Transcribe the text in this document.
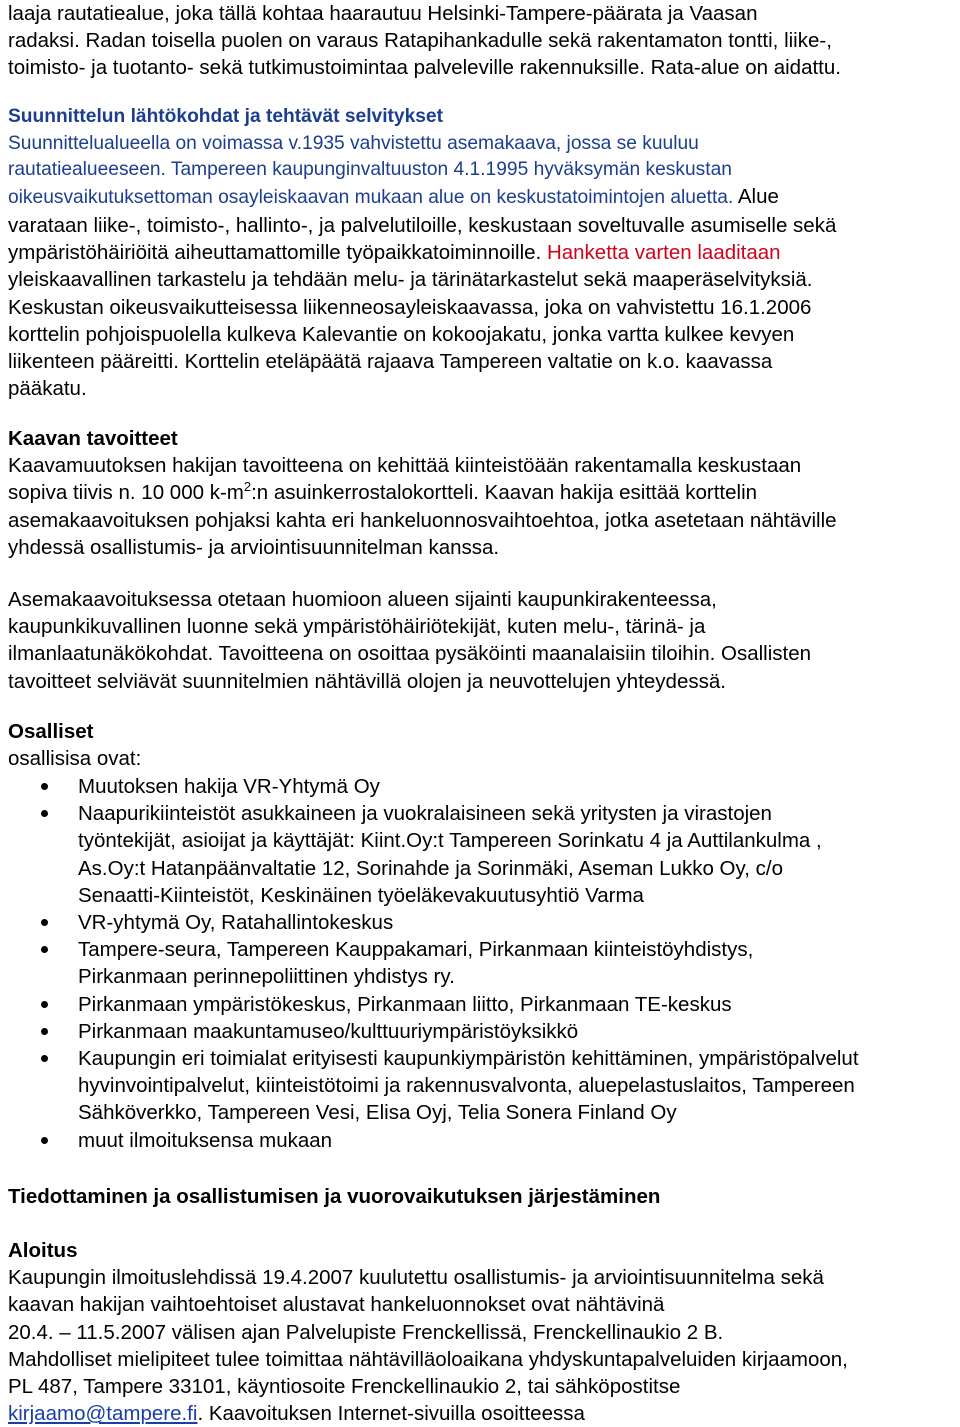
laaja rautatiealue, joka tällä kohtaa haarautuu Helsinki-Tampere-päärata ja Vaasan
radaksi. Radan toisella puolen on varaus Ratapihankadulle sekä rakentamaton tontti, liike-,
toimisto- ja tuotanto- sekä tutkimustoimintaa palveleville rakennuksille. Rata-alue on aidattu.
Suunnittelun lähtökohdat ja tehtävät selvitykset
Suunnittelualueella on voimassa v.1935 vahvistettu asemakaava, jossa se kuuluu
rautatiealueeseen. Tampereen kaupunginvaltuuston 4.1.1995 hyväksymän keskustan
oikeusvaikutuksettoman osayleiskaavan mukaan alue on keskustatoimintojen aluetta. Alue
varataan liike-, toimisto-, hallinto-, ja palvelutiloille, keskustaan soveltuvalle asumiselle sekä
ympäristöhäiriöitä aiheuttamattomille työpaikkatoiminnoille. Hanketta varten laaditaan
yleiskaavallinen tarkastelu ja tehdään melu- ja tärinätarkastelut sekä maaperäselvityksiä.
Keskustan oikeusvaikutteisessa liikenneosayleiskaavassa, joka on vahvistettu 16.1.2006
korttelin pohjoispuolella kulkeva Kalevantie on kokoojakatu, jonka vartta kulkee kevyen
liikenteen pääreitti. Korttelin eteläpäätä rajaava Tampereen valtatie on k.o. kaavassa
pääkatu.
Kaavan tavoitteet
Kaavamuutoksen hakijan tavoitteena on kehittää kiinteistöään rakentamalla keskustaan
sopiva tiivis n. 10 000 $k-m^2:n$ asuinkerrostalokortteli. Kaavan hakija esittää korttelin
asemakaavoituksen pohjaksi kahta eri hankeluonnosvaihtoehtoa, jotka asetetaan nähtäville
yhdessä osallistumis- ja arviointisuunnitelman kanssa.
Asemakaavoituksessa otetaan huomioon alueen sijainti kaupunkirakenteessa,
kaupunkikuvallinen luonne sekä ympäristöhäiriötekijät, kuten melu-, tärinä- ja
ilmanlaatunäkökohdat. Tavoitteena on osoittaa pysäköinti maanalaisiin tiloihin. Osallisten
tavoitteet selviävät suunnitelmien nähtävillä olojen ja neuvottelujen yhteydessä.
Osalliset
osallisisa ovat:
Muutoksen hakija VR-Yhtymä Oy
Naapurikiinteistöt asukkaineen ja vuokralaisineen sekä yritysten ja virastojen
työntekijät, asioijat ja käyttäjät: Kiint.Oy:t Tampereen Sorinkatu 4 ja Auttilankulma ,
As.Oy:t Hatanpäänvaltatie 12, Sorinahde ja Sorinmäki, Aseman Lukko Oy, c/o
Senaatti-Kiinteistöt, Keskinäinen työeläkevakuutusyhtiö Varma
VR-yhtymä Oy, Ratahallintokeskus
Tampere-seura, Tampereen Kauppakamari, Pirkanmaan kiinteistöyhdistys,
Pirkanmaan perinnepoliittinen yhdistys ry.
Pirkanmaan ympäristökeskus, Pirkanmaan liitto, Pirkanmaan TE-keskus
Pirkanmaan maakuntamuseo/kulttuuriympäristöyksikkö
Kaupungin eri toimialat erityisesti kaupunkiympäristön kehittäminen, ympäristöpalvelut
hyvinvointipalvelut, kiinteistötoimi ja rakennusvalvonta, aluepelastuslaitos, Tampereen
Sähköverkko, Tampereen Vesi, Elisa Oyj, Telia Sonera Finland Oy
muut ilmoituksensa mukaan
Tiedottaminen ja osallistumisen ja vuorovaikutuksen järjestäminen
Aloitus
Kaupungin ilmoituslehdissä 19.4.2007 kuulutettu osallistumis- ja arviointisuunnitelma sekä
kaavan hakijan vaihtoehtoiset alustavat hankeluonnokset ovat nähtävinä
20.4. – 11.5.2007 välisen ajan Palvelupiste Frenckellissä, Frenckellinaukio 2 B.
Mahdolliset mielipiteet tulee toimittaa nähtävilläoloaikana yhdyskuntapalveluiden kirjaamoon,
PL 487, Tampere 33101, käyntiosoite Frenckellinaukio 2, tai sähköpostitse
kirjaamo@tampere.fi. Kaavoituksen Internet-sivuilla osoitteessa
